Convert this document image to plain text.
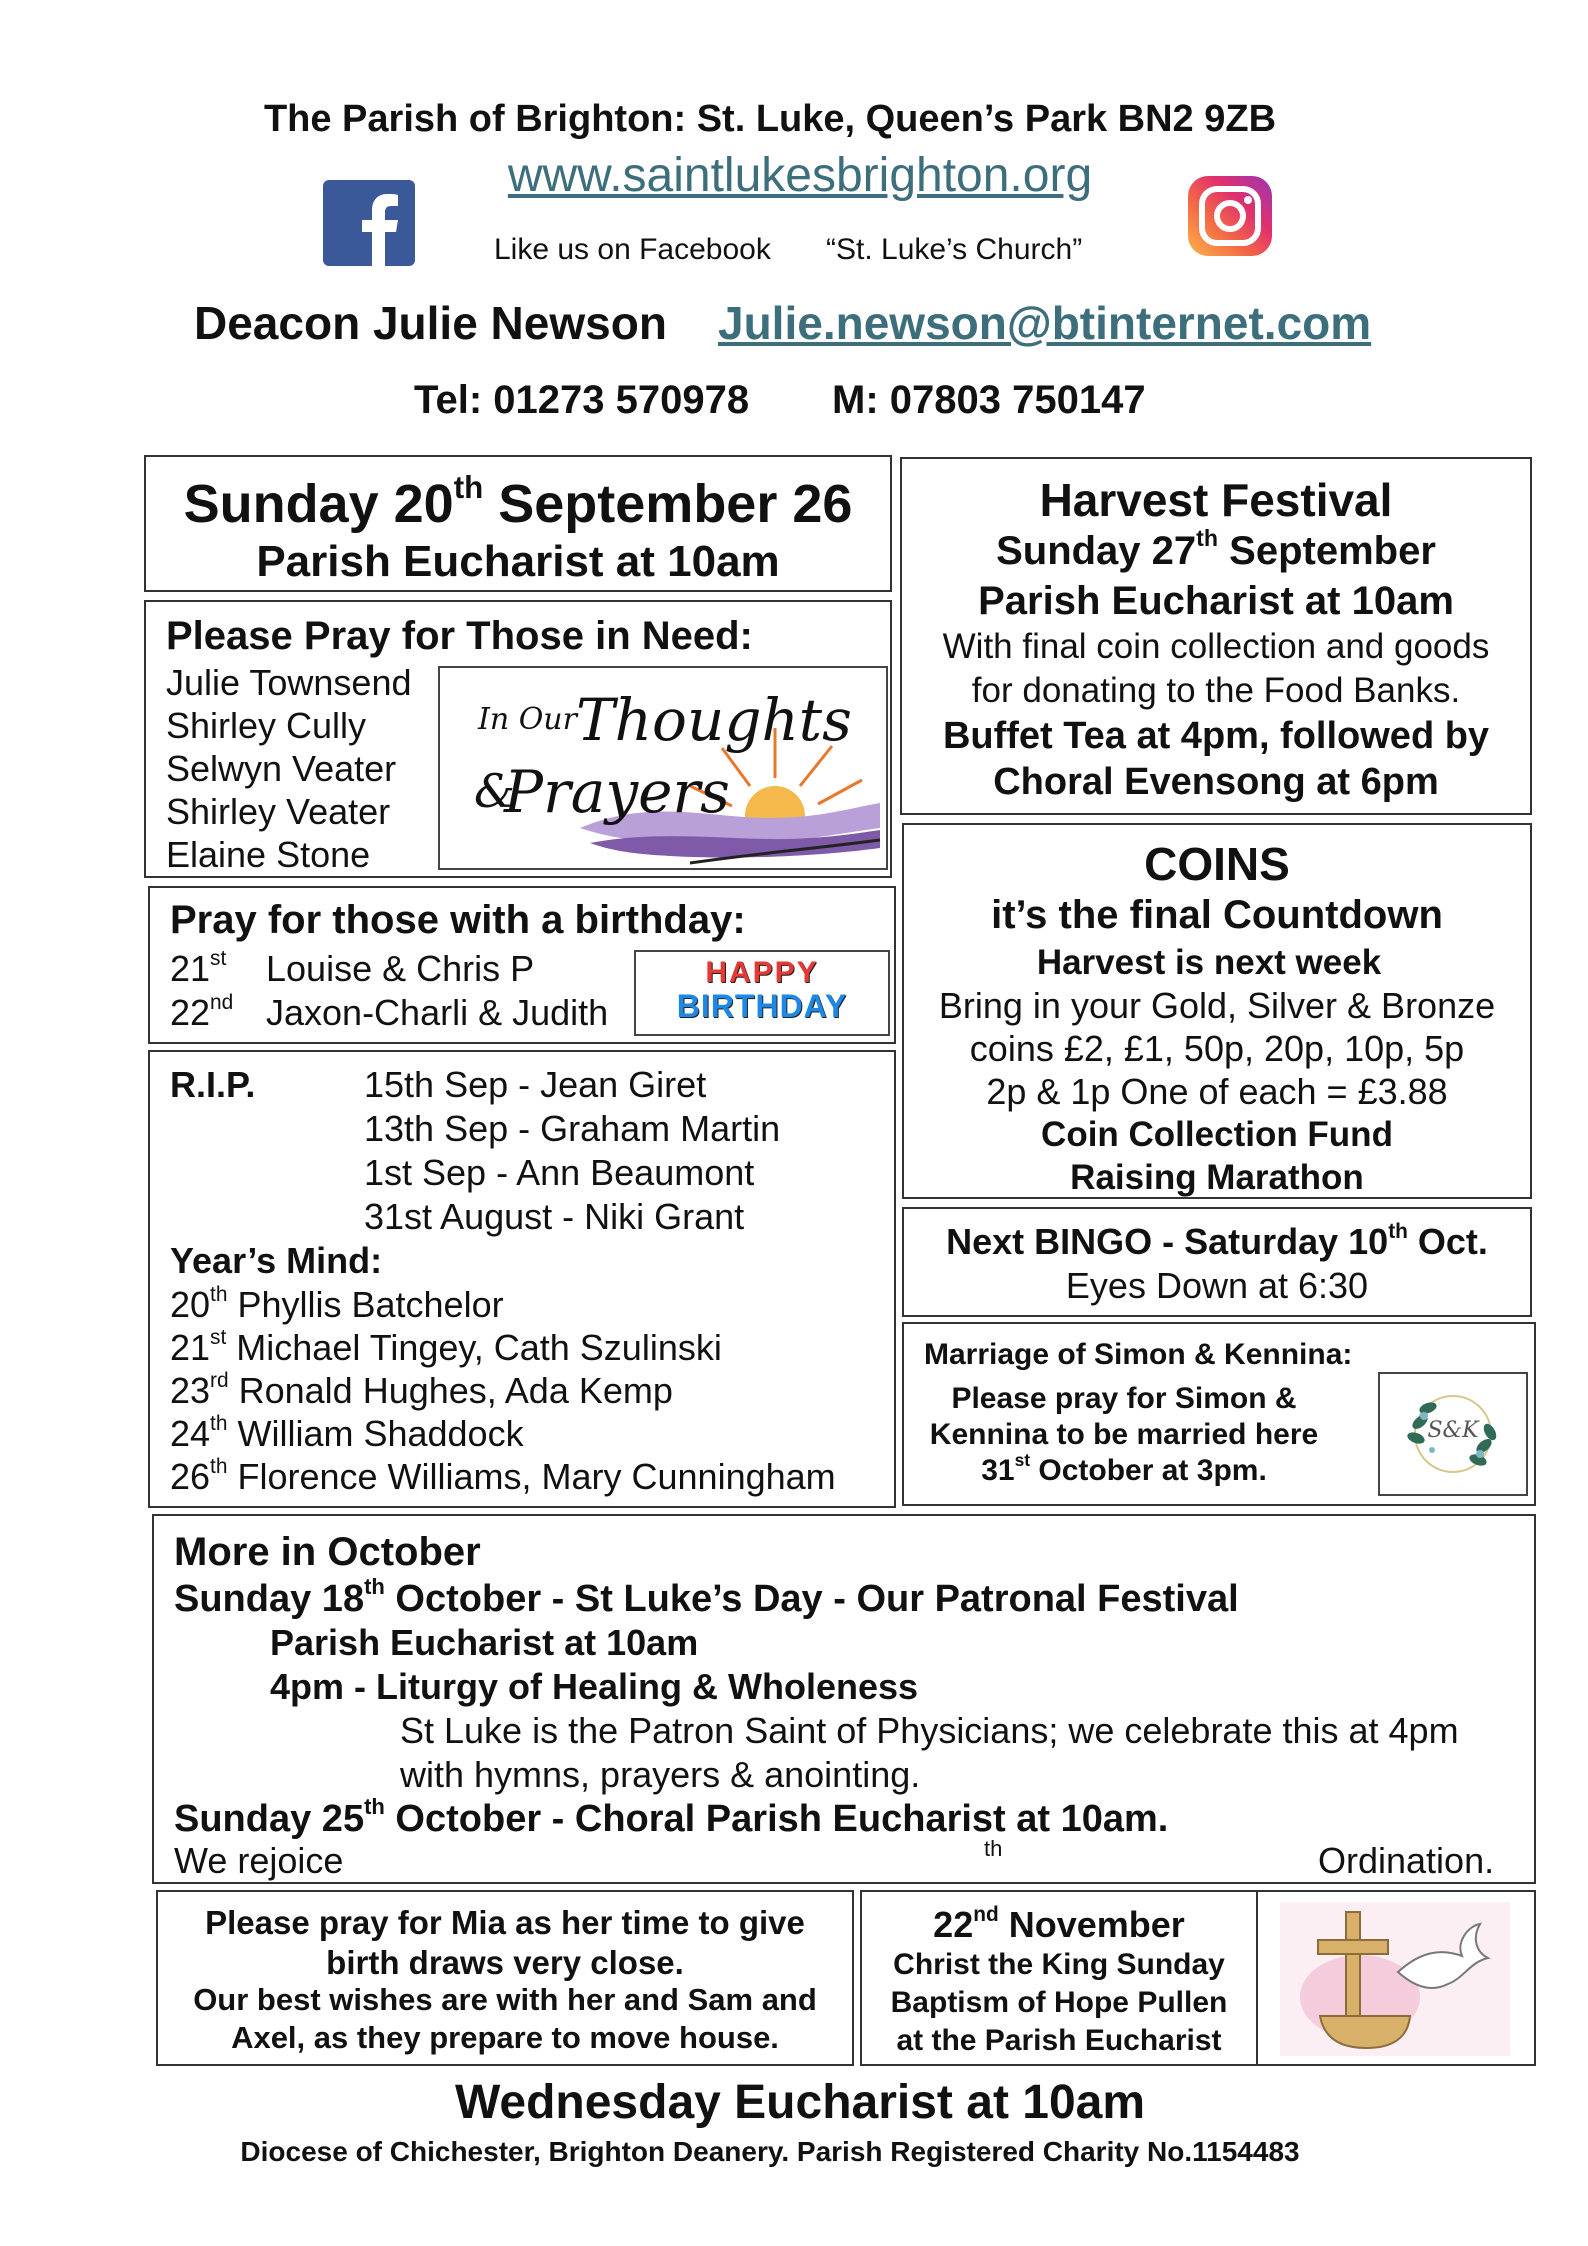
The Parish of Brighton: St. Luke, Queen’s Park BN2 9ZB
www.saintlukesbrighton.org
Like us on Facebook “St. Luke’s Church”
Deacon Julie Newson Julie.newson@btinternet.com
Tel: 01273 570978 M: 07803 750147
Sunday 20th September 26
Parish Eucharist at 10am
Please Pray for Those in Need:
Julie Townsend
Shirley Cully
Selwyn Veater
Shirley Veater
Elaine Stone
In Our Thoughts
&
Prayers
Pray for those with a birthday:
21st Louise & Chris P
22nd Jaxon-Charli & Judith
HAPPY
BIRTHDAY
R.I.P.	15th Sep - Jean Giret
13th Sep - Graham Martin
1st Sep - Ann Beaumont
31st August - Niki Grant
Year’s Mind:
20th Phyllis Batchelor
21st Michael Tingey, Cath Szulinski
23rd Ronald Hughes, Ada Kemp
24th William Shaddock
26th Florence Williams, Mary Cunningham
Harvest Festival
Sunday 27th September
Parish Eucharist at 10am
With final coin collection and goods
for donating to the Food Banks.
Buffet Tea at 4pm, followed by
Choral Evensong at 6pm
COINS
it’s the final Countdown
Harvest is next week
Bring in your Gold, Silver & Bronze
coins £2, £1, 50p, 20p, 10p, 5p
2p & 1p One of each = £3.88
Coin Collection Fund
Raising Marathon
Next BINGO - Saturday 10th Oct.
Eyes Down at 6:30
Marriage of Simon & Kennina:
Please pray for Simon &
Kennina to be married here
31st October at 3pm.
S&K
More in October
Sunday 18th October - St Luke’s Day - Our Patronal Festival
Parish Eucharist at 10am
4pm - Liturgy of Healing & Wholeness
St Luke is the Patron Saint of Physicians; we celebrate this at 4pm
with hymns, prayers & anointing.
Sunday 25th October - Choral Parish Eucharist at 10am.
We rejoice	th	Ordination.
Please pray for Mia as her time to give
birth draws very close.
Our best wishes are with her and Sam and
Axel, as they prepare to move house.
22nd November
Christ the King Sunday
Baptism of Hope Pullen
at the Parish Eucharist
Wednesday Eucharist at 10am
Diocese of Chichester, Brighton Deanery. Parish Registered Charity No.1154483
